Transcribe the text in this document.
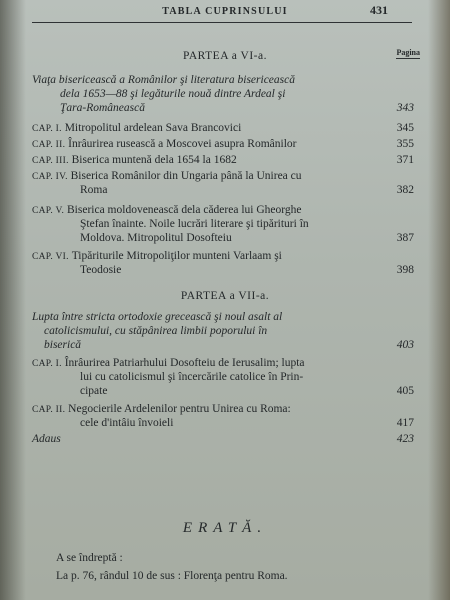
TABLA CUPRINSULUI	431
PARTEA a VI-a.	Pagina
Viaţa bisericească a Românilor şi literatura bisericească
dela 1653—88 şi legăturile nouă dintre Ardeal şi
Ţara-Românească	343
CAP. I. Mitropolitul ardelean Sava Brancovici	345
CAP. II. Înrâurirea rusească a Moscovei asupra Românilor	355
CAP. III. Biserica muntenă dela 1654 la 1682	371
CAP. IV. Biserica Românilor din Ungaria până la Unirea cu
Roma	382
CAP. V. Biserica moldovenească dela căderea lui Gheorghe
Ştefan înainte. Noile lucrări literare şi tipărituri în
Moldova. Mitropolitul Dosofteiu	387
CAP. VI. Tipăriturile Mitropoliţilor munteni Varlaam şi
Teodosie	398
PARTEA a VII-a.
Lupta între stricta ortodoxie grecească şi noul asalt al
catolicismului, cu stăpânirea limbii poporului în
biserică	403
CAP. I. Înrâurirea Patriarhului Dosofteiu de Ierusalim; lupta
lui cu catolicismul şi încercările catolice în Prin-
cipate	405
CAP. II. Negocierile Ardelenilor pentru Unirea cu Roma:
cele d'intâiu învoieli	417
Adaus	423
ERATĂ.
A se îndreptă :
La p. 76, rândul 10 de sus : Florenţa pentru Roma.
